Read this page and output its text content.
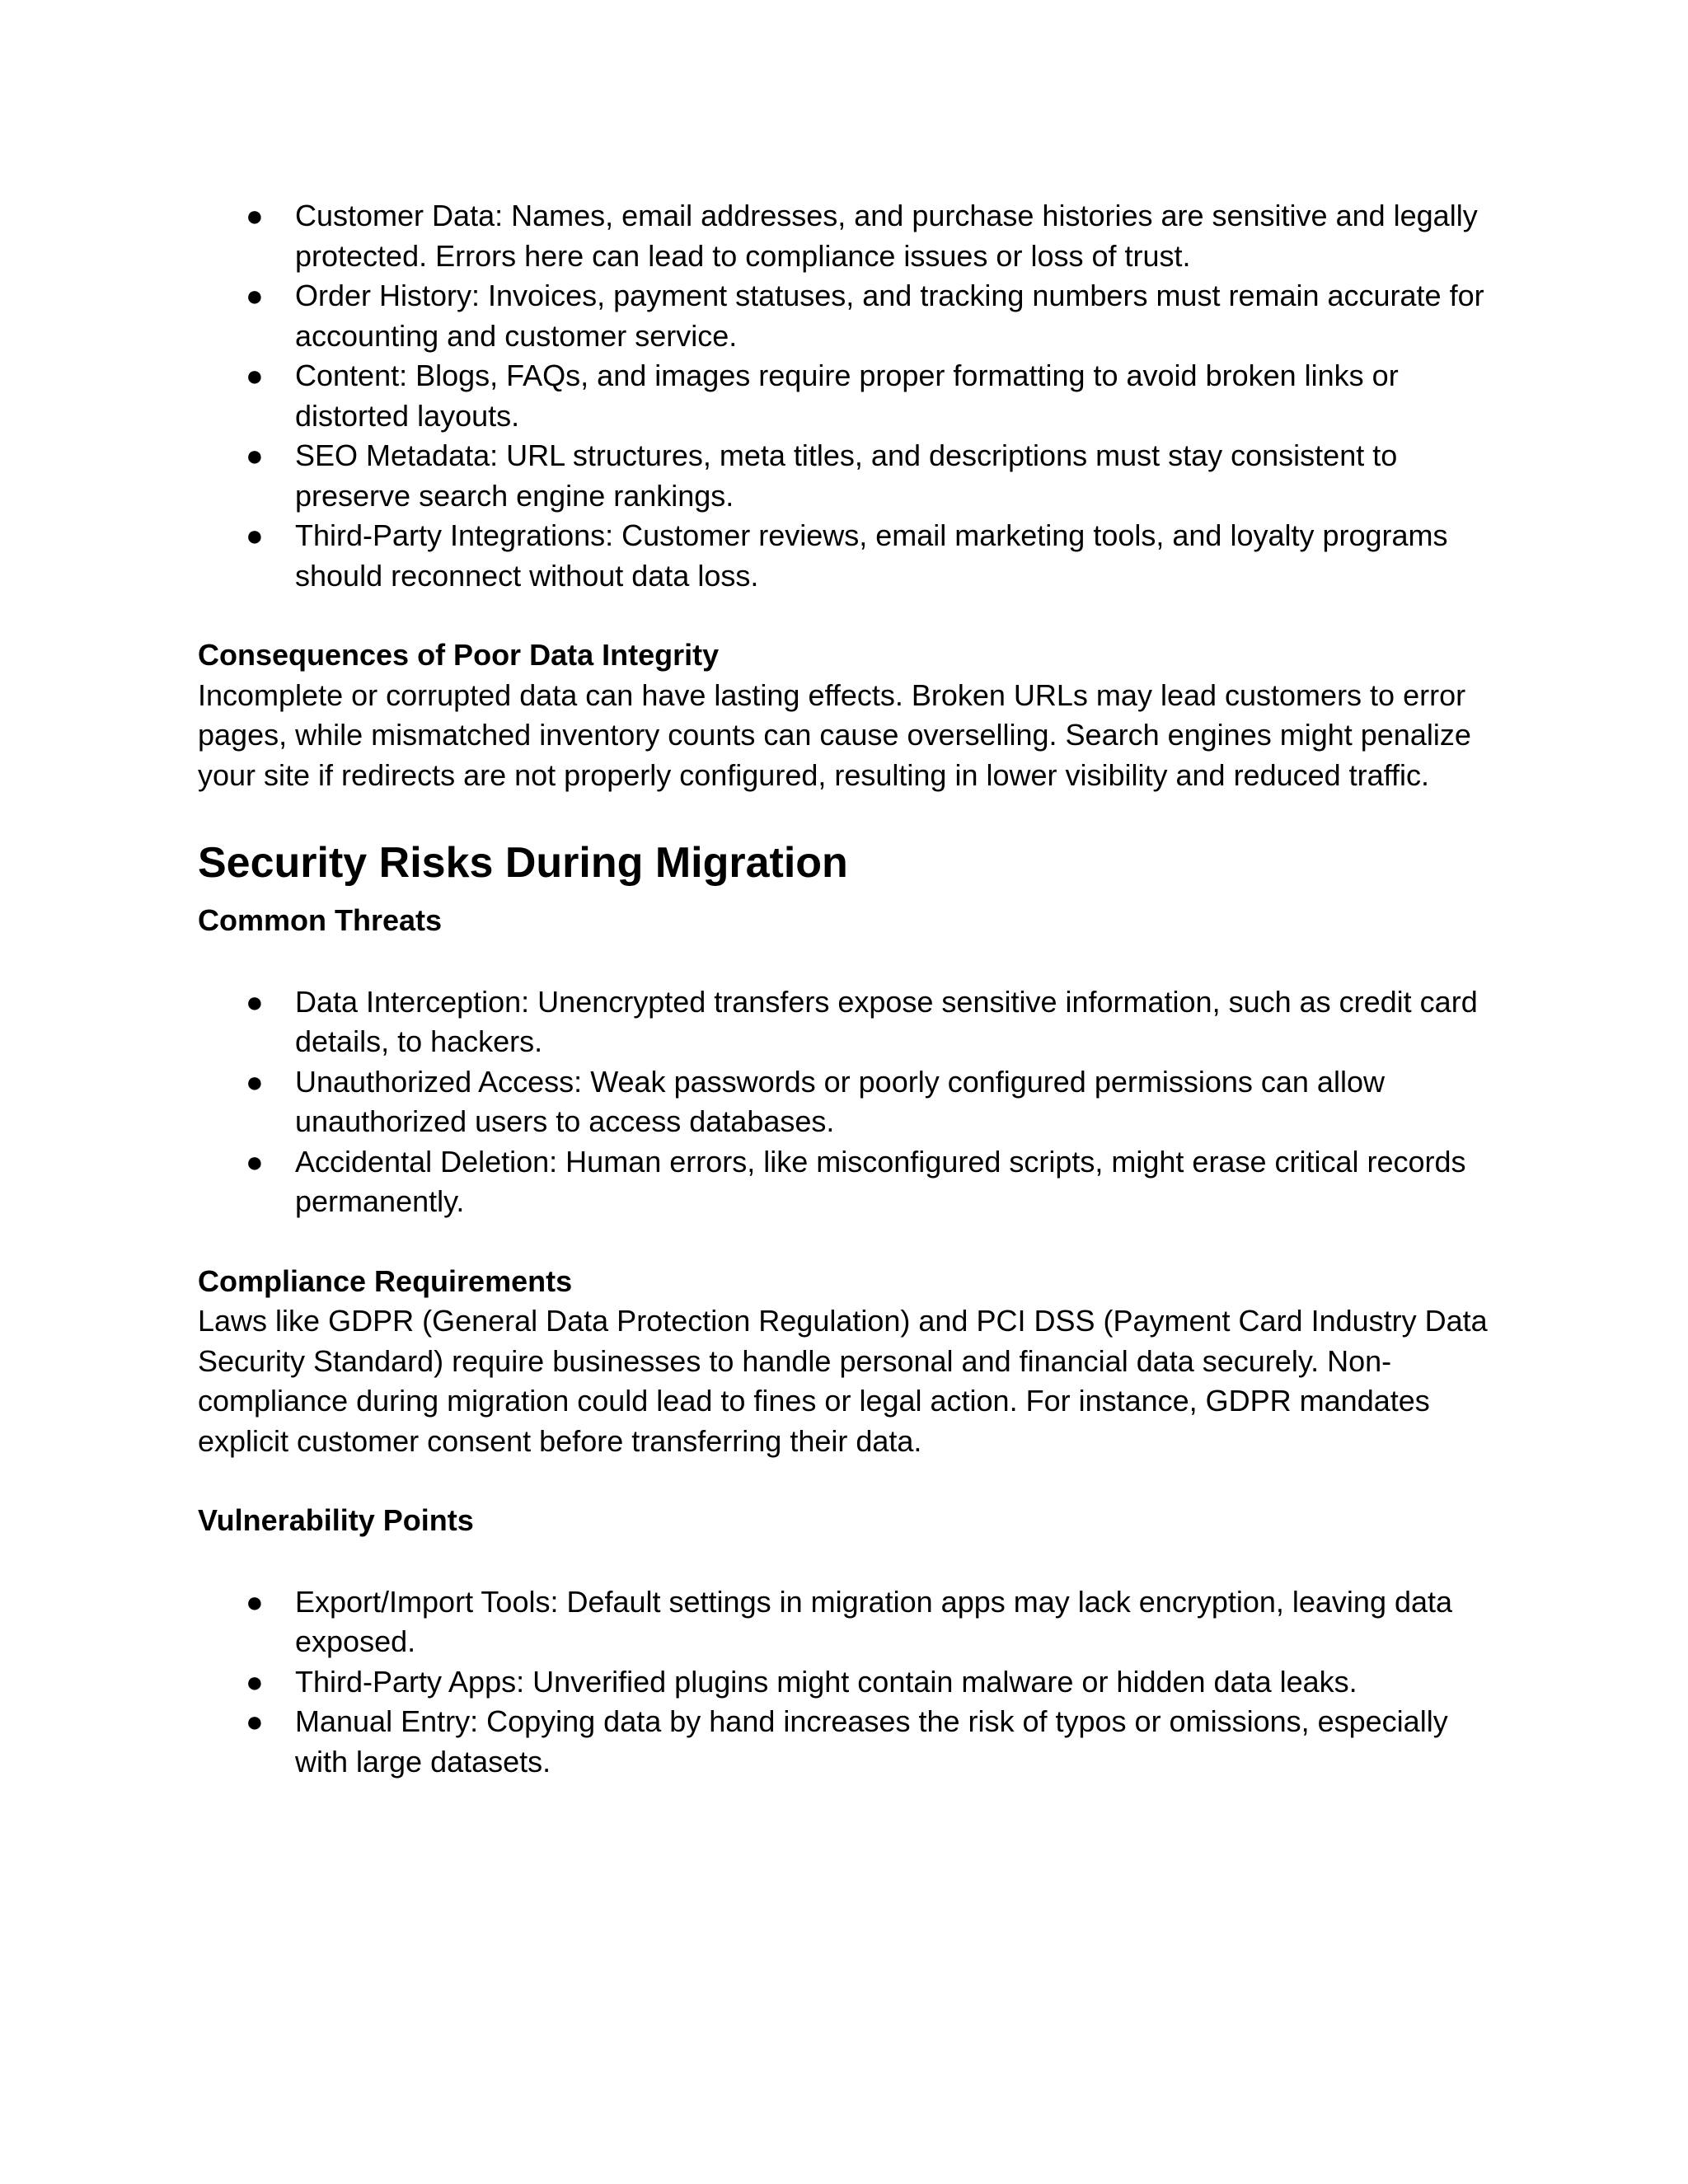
● Customer Data: Names, email addresses, and purchase histories are sensitive and legally protected. Errors here can lead to compliance issues or loss of trust.
● Order History: Invoices, payment statuses, and tracking numbers must remain accurate for accounting and customer service.
● Content: Blogs, FAQs, and images require proper formatting to avoid broken links or distorted layouts.
● SEO Metadata: URL structures, meta titles, and descriptions must stay consistent to preserve search engine rankings.
● Third-Party Integrations: Customer reviews, email marketing tools, and loyalty programs should reconnect without data loss.
Consequences of Poor Data Integrity

Incomplete or corrupted data can have lasting effects. Broken URLs may lead customers to error pages, while mismatched inventory counts can cause overselling. Search engines might penalize your site if redirects are not properly configured, resulting in lower visibility and reduced traffic.

Security Risks During Migration
Common Threats
● Data Interception: Unencrypted transfers expose sensitive information, such as credit card details, to hackers.
● Unauthorized Access: Weak passwords or poorly configured permissions can allow unauthorized users to access databases.
● Accidental Deletion: Human errors, like misconfigured scripts, might erase critical records permanently.
Compliance Requirements

Laws like GDPR (General Data Protection Regulation) and PCI DSS (Payment Card Industry Data Security Standard) require businesses to handle personal and financial data securely. Non-compliance during migration could lead to fines or legal action. For instance, GDPR mandates explicit customer consent before transferring their data.

Vulnerability Points
● Export/Import Tools: Default settings in migration apps may lack encryption, leaving data exposed.
● Third-Party Apps: Unverified plugins might contain malware or hidden data leaks.
● Manual Entry: Copying data by hand increases the risk of typos or omissions, especially with large datasets.
